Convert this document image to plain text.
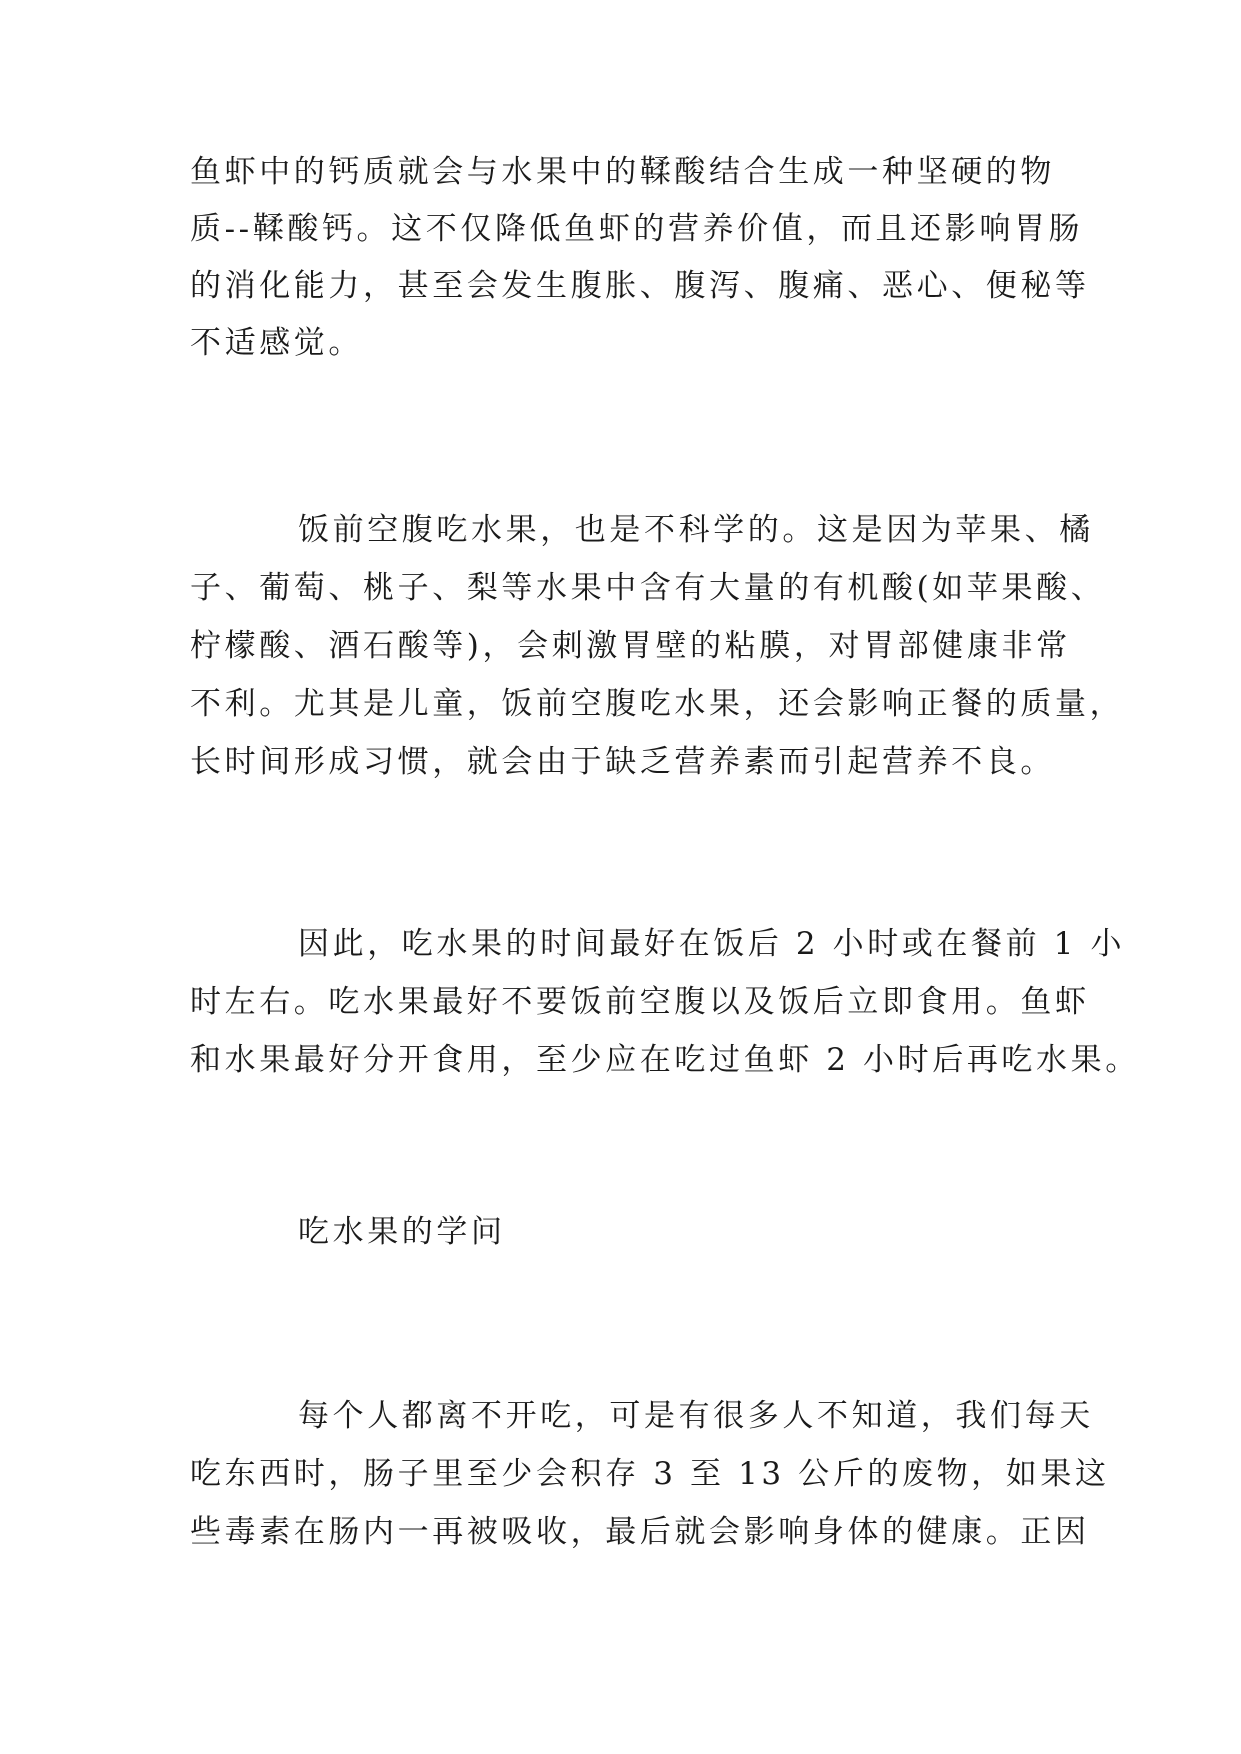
鱼虾中的钙质就会与水果中的鞣酸结合生成一种坚硬的物
质--鞣酸钙。这不仅降低鱼虾的营养价值，而且还影响胃肠
的消化能力，甚至会发生腹胀、腹泻、腹痛、恶心、便秘等
不适感觉。
饭前空腹吃水果，也是不科学的。这是因为苹果、橘
子、葡萄、桃子、梨等水果中含有大量的有机酸(如苹果酸、
柠檬酸、酒石酸等)，会刺激胃壁的粘膜，对胃部健康非常
不利。尤其是儿童，饭前空腹吃水果，还会影响正餐的质量，
长时间形成习惯，就会由于缺乏营养素而引起营养不良。
因此，吃水果的时间最好在饭后 2 小时或在餐前 1 小
时左右。吃水果最好不要饭前空腹以及饭后立即食用。鱼虾
和水果最好分开食用，至少应在吃过鱼虾 2 小时后再吃水果。
吃水果的学问
每个人都离不开吃，可是有很多人不知道，我们每天
吃东西时，肠子里至少会积存 3 至 13 公斤的废物，如果这
些毒素在肠内一再被吸收，最后就会影响身体的健康。正因
